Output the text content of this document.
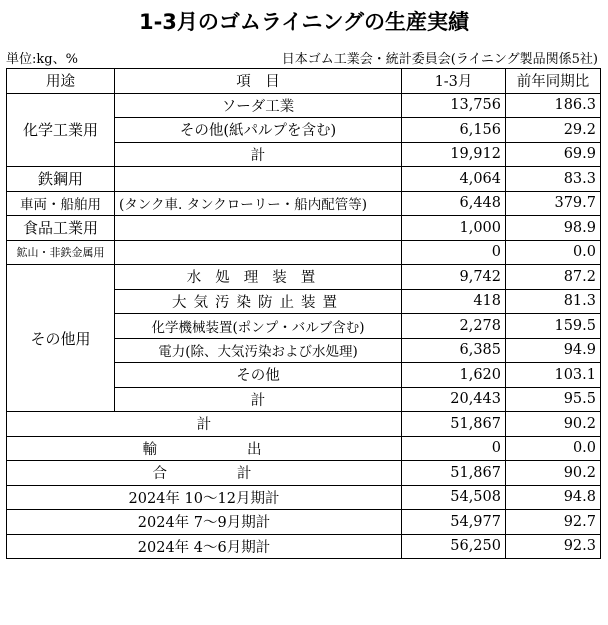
1-3月のゴムライニングの生産実績
単位:kg、%	日本ゴム工業会・統計委員会(ライニング製品関係5社)
用途	項　目	1-3月	前年同期比
化学工業用	ソーダ工業	13,756	186.3
	その他(紙パルプを含む)	6,156	29.2
	計	19,912	69.9
鉄鋼用		4,064	83.3
車両・船舶用	(タンク車. タンクローリー・船内配管等)	6,448	379.7
食品工業用		1,000	98.9
鉱山・非鉄金属用		0	0.0
その他用	水処理装置	9,742	87.2
	大気汚染防止装置	418	81.3
	化学機械装置(ポンプ・バルブ含む)	2,278	159.5
	電力(除、大気汚染および水処理)	6,385	94.9
	その他	1,620	103.1
	計	20,443	95.5
計		51,867	90.2
輸出		0	0.0
合計		51,867	90.2
2024年 10〜12月期計		54,508	94.8
2024年 7〜9月期計		54,977	92.7
2024年 4〜6月期計		56,250	92.3
